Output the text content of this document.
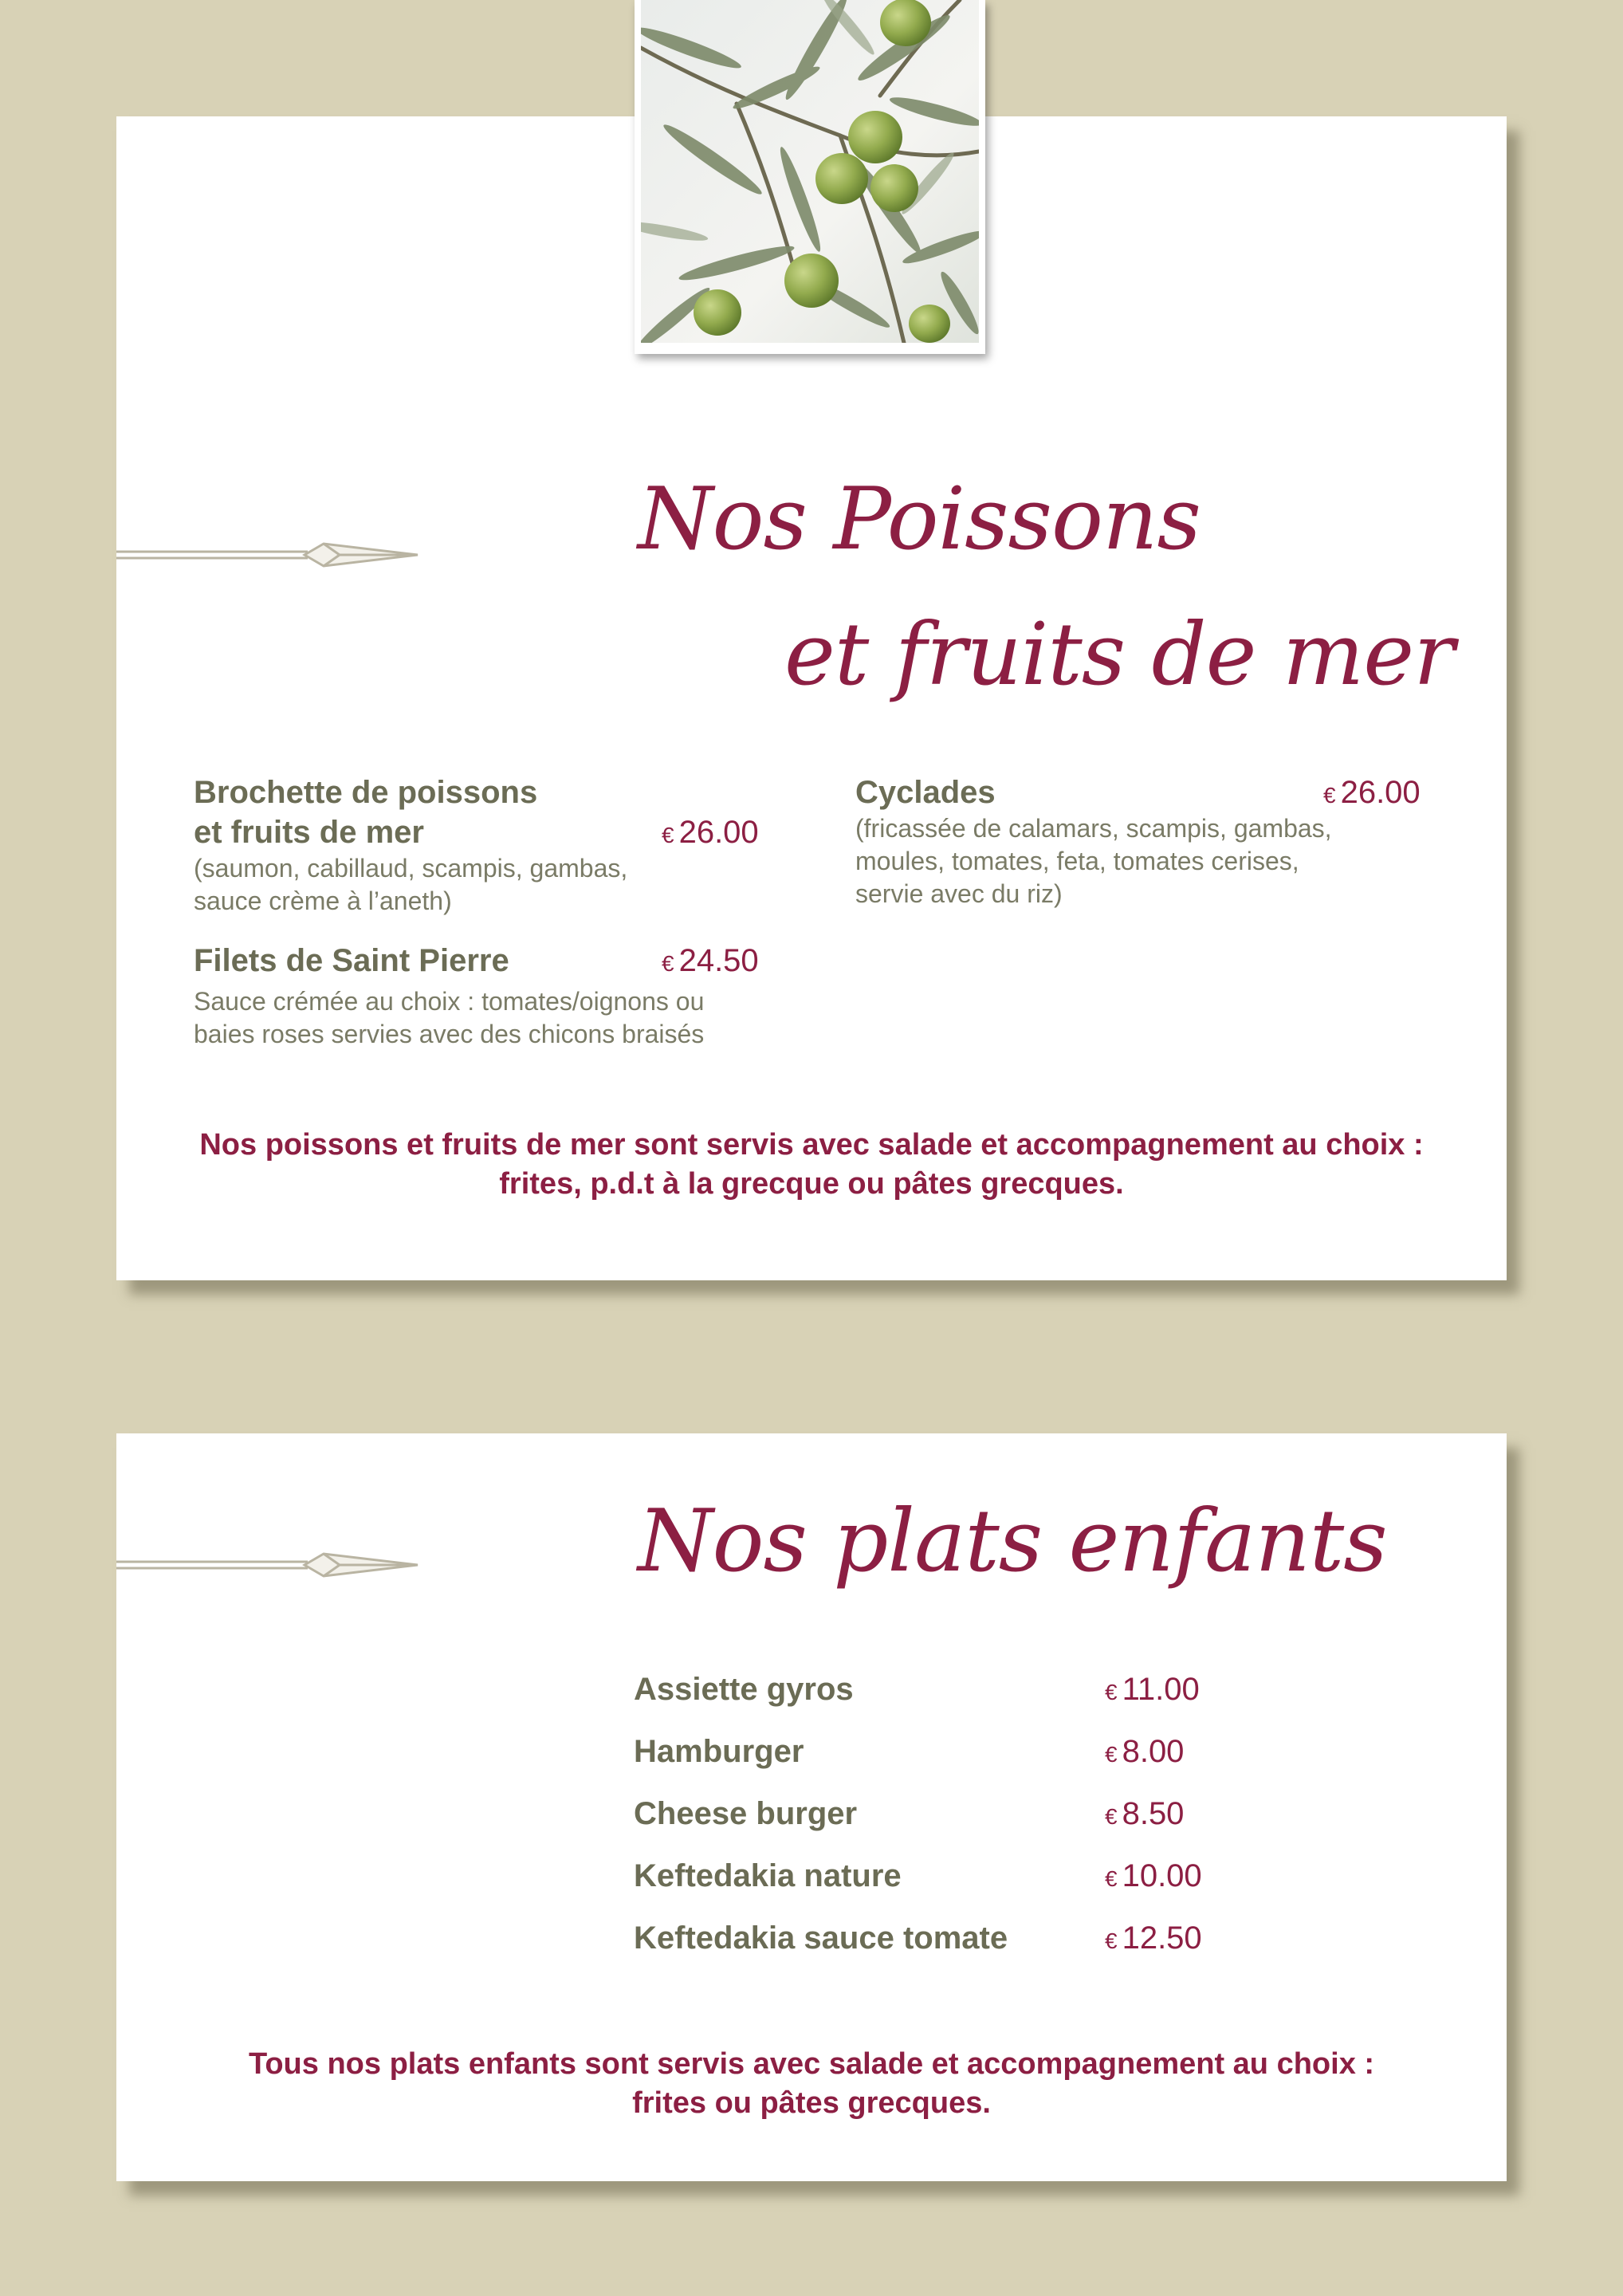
Nos Poissons
et fruits de mer
Brochette de poissons
et fruits de mer	€ 26.00
(saumon, cabillaud, scampis, gambas,
sauce crème à l’aneth)
Filets de Saint Pierre	€ 24.50
Sauce crémée au choix : tomates/oignons ou
baies roses servies avec des chicons braisés
Cyclades	€ 26.00
(fricassée de calamars, scampis, gambas,
moules, tomates, feta, tomates cerises,
servie avec du riz)
Nos poissons et fruits de mer sont servis avec salade et accompagnement au choix :
frites, p.d.t à la grecque ou pâtes grecques.
Nos plats enfants
Assiette gyros	€ 11.00
Hamburger	€ 8.00
Cheese burger	€ 8.50
Keftedakia nature	€ 10.00
Keftedakia sauce tomate	€ 12.50
Tous nos plats enfants sont servis avec salade et accompagnement au choix :
frites ou pâtes grecques.
